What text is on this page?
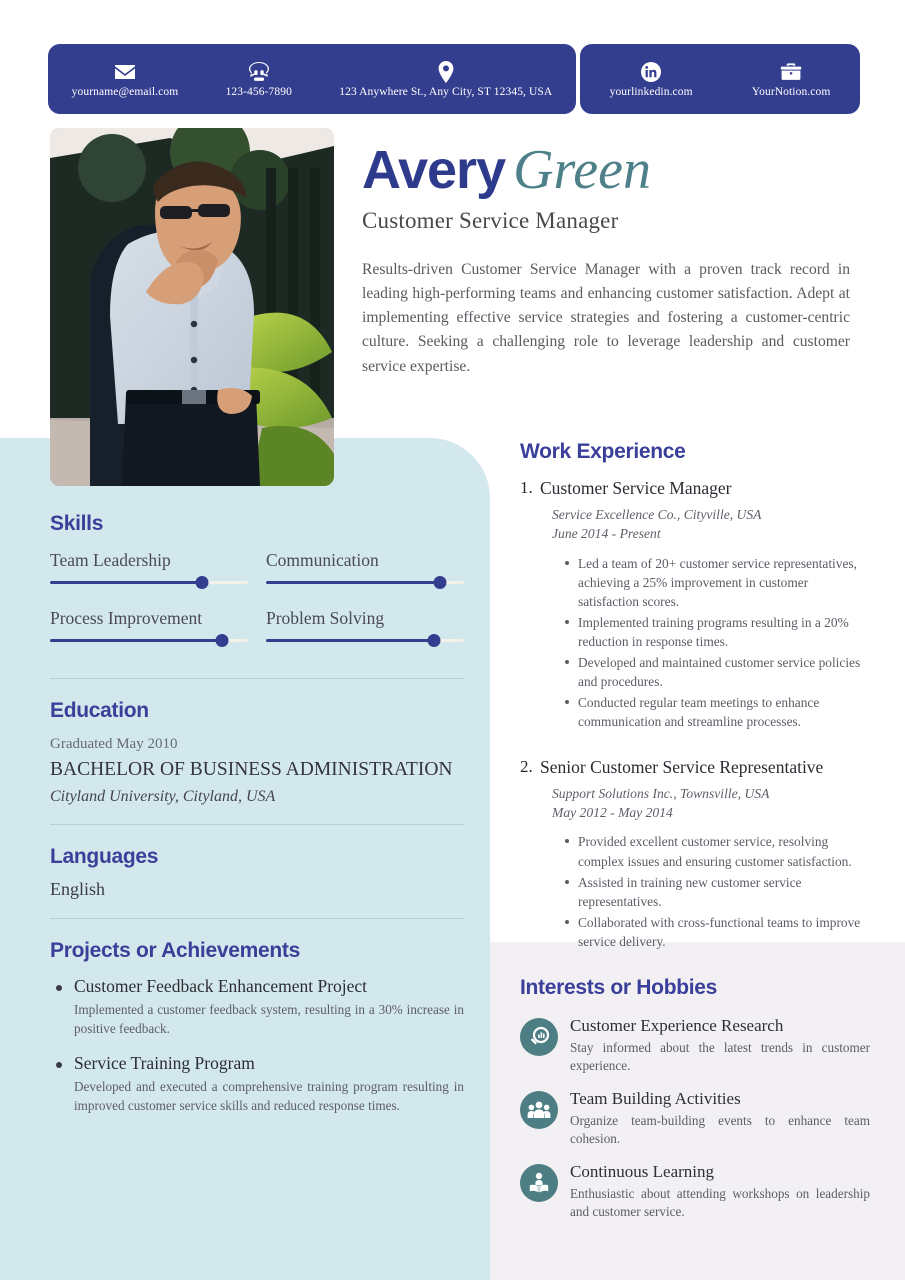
yourname@email.com	123-456-7890	123 Anywhere St., Any City, ST 12345, USA	yourlinkedin.com	YourNotion.com
Avery Green
Customer Service Manager
Results-driven Customer Service Manager with a proven track record in leading high-performing teams and enhancing customer satisfaction. Adept at implementing effective service strategies and fostering a customer-centric culture. Seeking a challenging role to leverage leadership and customer service expertise.
Skills
Team Leadership	Communication
Process Improvement	Problem Solving
Education
Graduated May 2010
BACHELOR OF BUSINESS ADMINISTRATION
Cityland University, Cityland, USA
Languages
English
Projects or Achievements
Customer Feedback Enhancement Project
Implemented a customer feedback system, resulting in a 30% increase in positive feedback.
Service Training Program
Developed and executed a comprehensive training program resulting in improved customer service skills and reduced response times.
Work Experience
1. Customer Service Manager
Service Excellence Co., Cityville, USA
June 2014 - Present
Led a team of 20+ customer service representatives, achieving a 25% improvement in customer satisfaction scores.
Implemented training programs resulting in a 20% reduction in response times.
Developed and maintained customer service policies and procedures.
Conducted regular team meetings to enhance communication and streamline processes.
2. Senior Customer Service Representative
Support Solutions Inc., Townsville, USA
May 2012 - May 2014
Provided excellent customer service, resolving complex issues and ensuring customer satisfaction.
Assisted in training new customer service representatives.
Collaborated with cross-functional teams to improve service delivery.
Interests or Hobbies
Customer Experience Research
Stay informed about the latest trends in customer experience.
Team Building Activities
Organize team-building events to enhance team cohesion.
Continuous Learning
Enthusiastic about attending workshops on leadership and customer service.
